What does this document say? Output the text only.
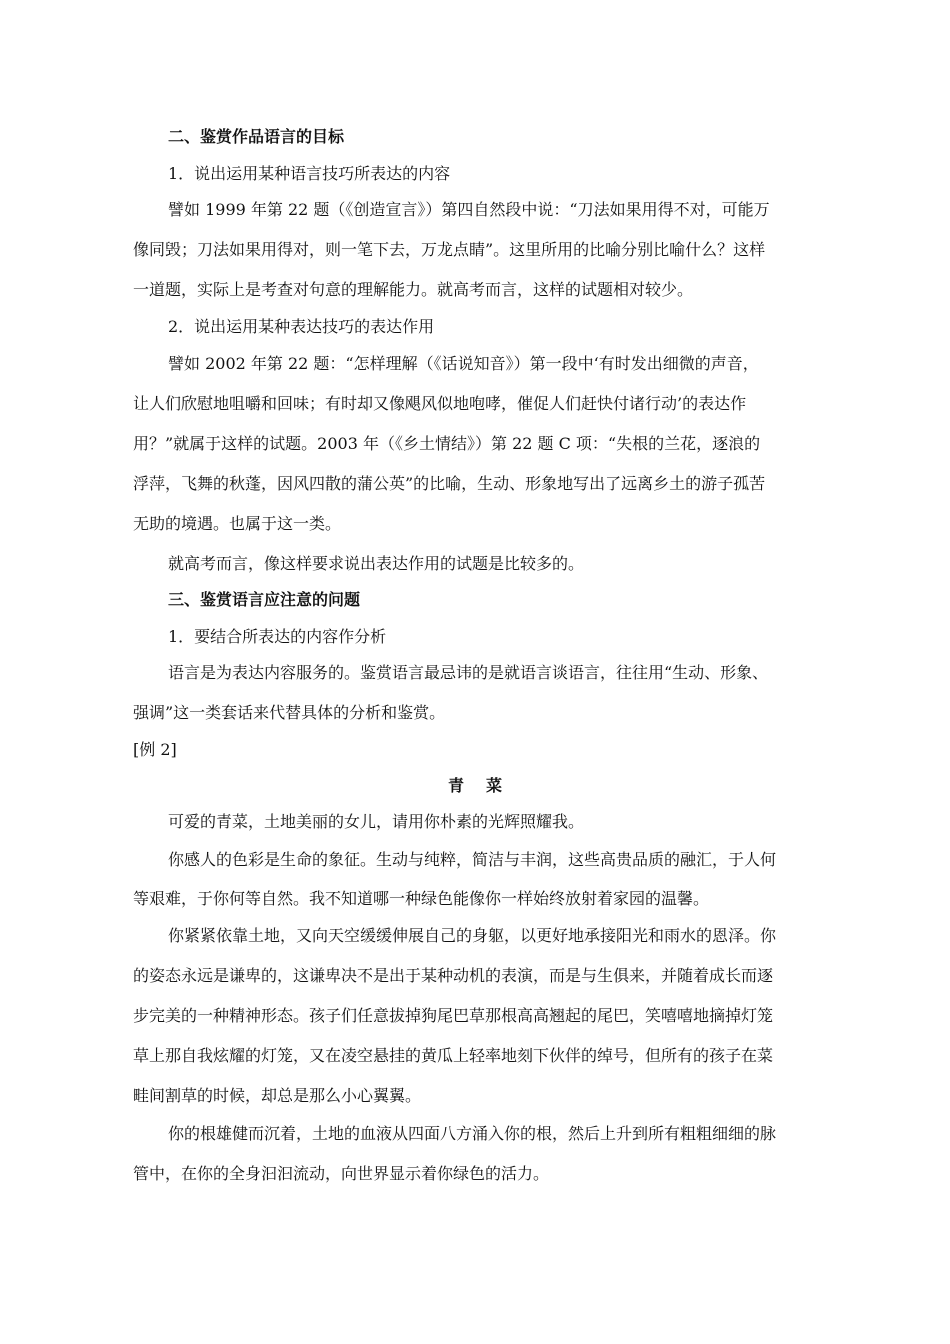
二、鉴赏作品语言的目标
1．说出运用某种语言技巧所表达的内容
譬如 1999 年第 22 题（《创造宣言》）第四自然段中说：“刀法如果用得不对，可能万
像同毁；刀法如果用得对，则一笔下去，万龙点睛”。这里所用的比喻分别比喻什么？这样
一道题，实际上是考查对句意的理解能力。就高考而言，这样的试题相对较少。
2．说出运用某种表达技巧的表达作用
譬如 2002 年第 22 题：“怎样理解（《话说知音》）第一段中‘有时发出细微的声音，
让人们欣慰地咀嚼和回味；有时却又像飓风似地咆哮，催促人们赶快付诸行动’的表达作
用？”就属于这样的试题。2003 年（《乡土情结》）第 22 题 C 项：“失根的兰花，逐浪的
浮萍，飞舞的秋蓬，因风四散的蒲公英”的比喻，生动、形象地写出了远离乡土的游子孤苦
无助的境遇。也属于这一类。
就高考而言，像这样要求说出表达作用的试题是比较多的。
三、鉴赏语言应注意的问题
1．要结合所表达的内容作分析
语言是为表达内容服务的。鉴赏语言最忌讳的是就语言谈语言，往往用“生动、形象、
强调”这一类套话来代替具体的分析和鉴赏。
[例 2]
青菜
可爱的青菜，土地美丽的女儿，请用你朴素的光辉照耀我。
你感人的色彩是生命的象征。生动与纯粹，简洁与丰润，这些高贵品质的融汇，于人何
等艰难，于你何等自然。我不知道哪一种绿色能像你一样始终放射着家园的温馨。
你紧紧依靠土地，又向天空缓缓伸展自己的身躯，以更好地承接阳光和雨水的恩泽。你
的姿态永远是谦卑的，这谦卑决不是出于某种动机的表演，而是与生俱来，并随着成长而逐
步完美的一种精神形态。孩子们任意拔掉狗尾巴草那根高高翘起的尾巴，笑嘻嘻地摘掉灯笼
草上那自我炫耀的灯笼，又在凌空悬挂的黄瓜上轻率地刻下伙伴的绰号，但所有的孩子在菜
畦间割草的时候，却总是那么小心翼翼。
你的根雄健而沉着，土地的血液从四面八方涌入你的根，然后上升到所有粗粗细细的脉
管中，在你的全身汩汩流动，向世界显示着你绿色的活力。
